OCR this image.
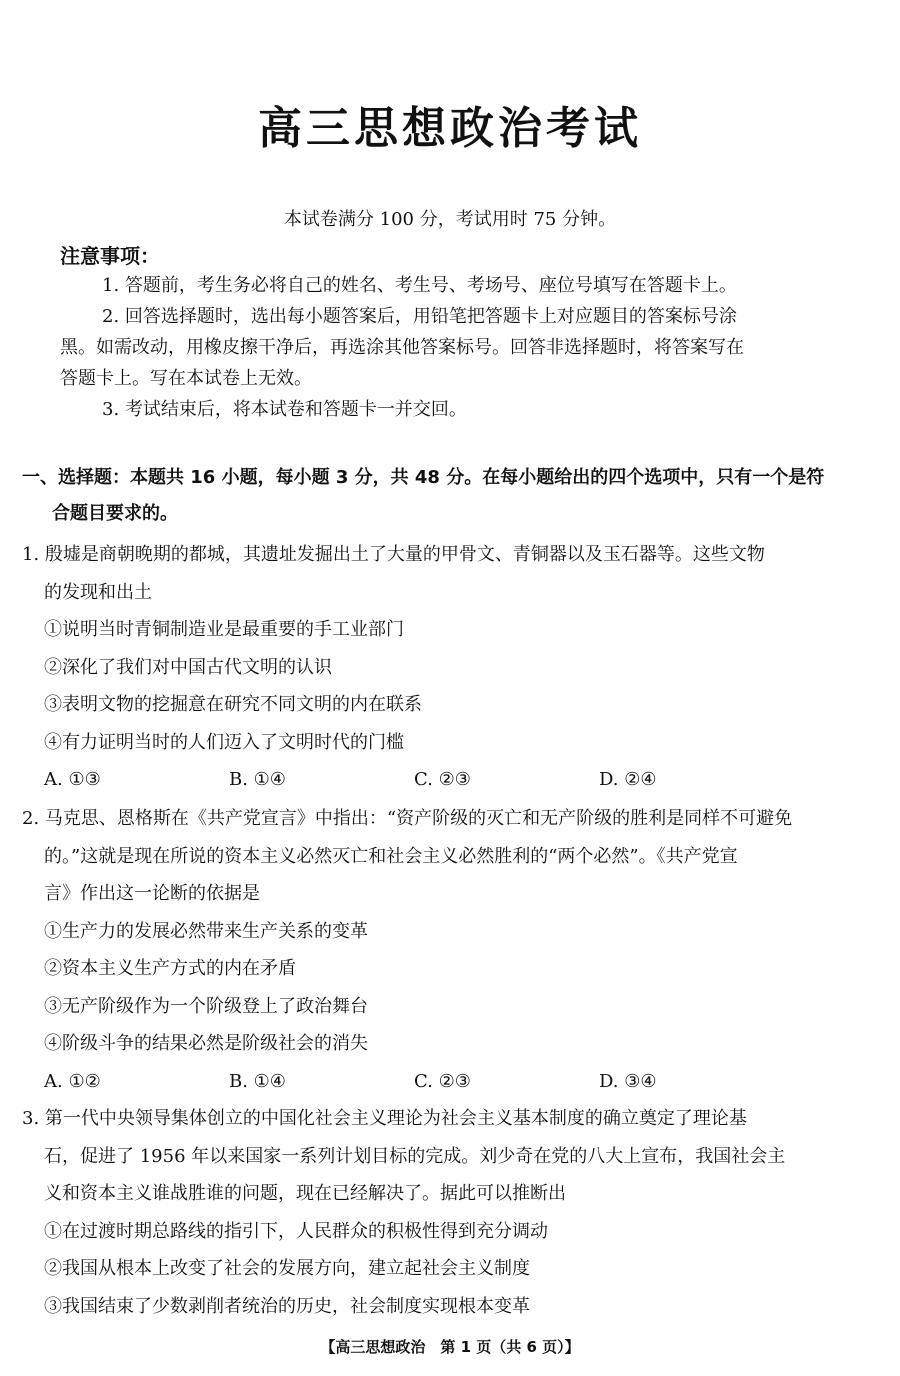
高三思想政治考试
本试卷满分 100 分，考试用时 75 分钟。
注意事项：

1. 答题前，考生务必将自己的姓名、考生号、考场号、座位号填写在答题卡上。

2. 回答选择题时，选出每小题答案后，用铅笔把答题卡上对应题目的答案标号涂

黑。如需改动，用橡皮擦干净后，再选涂其他答案标号。回答非选择题时，将答案写在

答题卡上。写在本试卷上无效。

3. 考试结束后，将本试卷和答题卡一并交回。

一、选择题：本题共 16 小题，每小题 3 分，共 48 分。在每小题给出的四个选项中，只有一个是符
合题目要求的。
1. 殷墟是商朝晚期的都城，其遗址发掘出土了大量的甲骨文、青铜器以及玉石器等。这些文物
的发现和出土
①说明当时青铜制造业是最重要的手工业部门
②深化了我们对中国古代文明的认识
③表明文物的挖掘意在研究不同文明的内在联系
④有力证明当时的人们迈入了文明时代的门槛
A. ①③	B. ①④	C. ②③	D. ②④
2. 马克思、恩格斯在《共产党宣言》中指出：“资产阶级的灭亡和无产阶级的胜利是同样不可避免
的。”这就是现在所说的资本主义必然灭亡和社会主义必然胜利的“两个必然”。《共产党宣
言》作出这一论断的依据是
①生产力的发展必然带来生产关系的变革
②资本主义生产方式的内在矛盾
③无产阶级作为一个阶级登上了政治舞台
④阶级斗争的结果必然是阶级社会的消失
A. ①②	B. ①④	C. ②③	D. ③④
3. 第一代中央领导集体创立的中国化社会主义理论为社会主义基本制度的确立奠定了理论基
石，促进了 1956 年以来国家一系列计划目标的完成。刘少奇在党的八大上宣布，我国社会主
义和资本主义谁战胜谁的问题，现在已经解决了。据此可以推断出
①在过渡时期总路线的指引下，人民群众的积极性得到充分调动
②我国从根本上改变了社会的发展方向，建立起社会主义制度
③我国结束了少数剥削者统治的历史，社会制度实现根本变革
【高三思想政治　第 1 页（共 6 页）】
